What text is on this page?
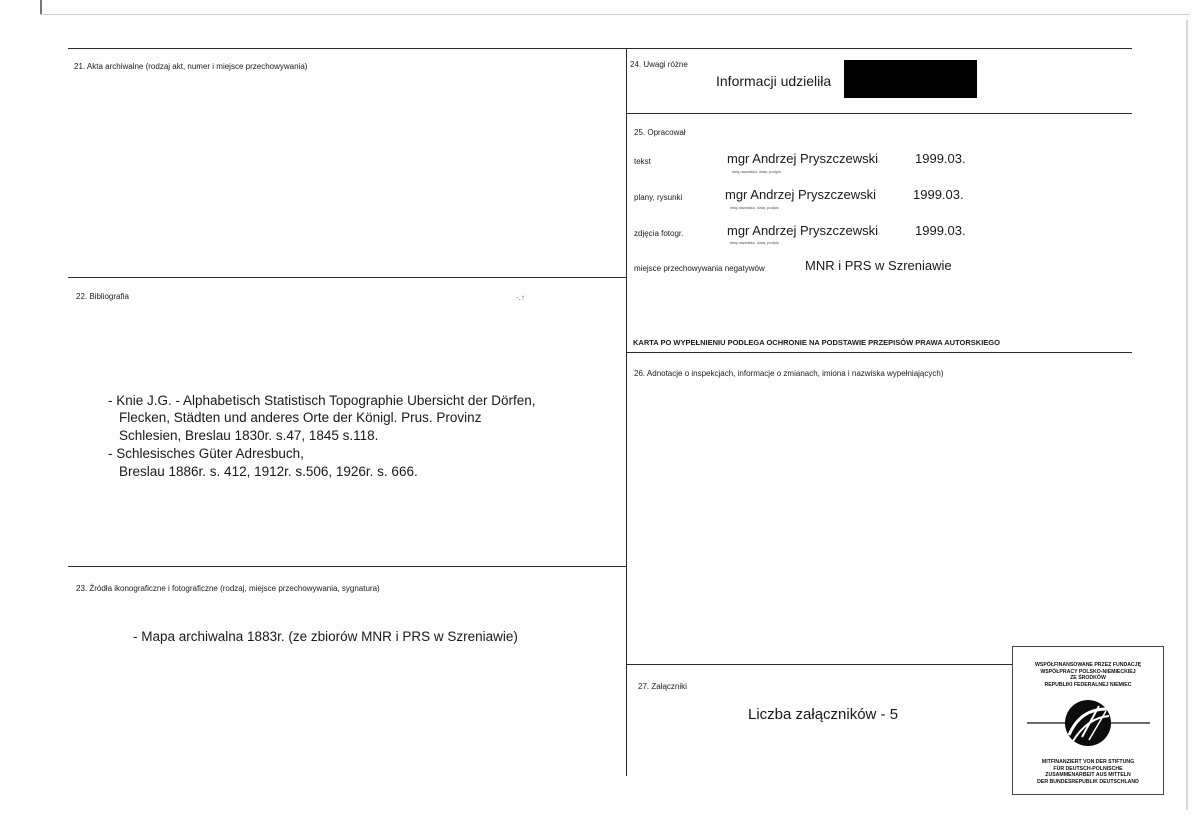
21. Akta archiwalne (rodzaj akt, numer i miejsce przechowywania)
22. Bibliografia	·.↑
- Knie J.G. - Alphabetisch Statistisch Topographie Ubersicht der Dörfen,
Flecken, Städten und anderes Orte der Königl. Prus. Provinz
Schlesien, Breslau 1830r. s.47, 1845 s.118.
- Schlesisches Güter Adresbuch,
Breslau 1886r. s. 412, 1912r. s.506, 1926r. s. 666.
23. Źródła ikonograficzne i fotograficzne (rodzaj, miejsce przechowywania, sygnatura)
- Mapa archiwalna 1883r. (ze zbiorów MNR i PRS w Szreniawie)
24. Uwagi różne
Informacji udzieliła
25. Opracował
tekst	mgr Andrzej Pryszczewski	1999.03.
imię,nazwisko, data, podpis
plany, rysunki	mgr Andrzej Pryszczewski	1999.03.
imię,nazwisko, data, podpis
zdjęcia fotogr.	mgr Andrzej Pryszczewski	1999.03.
imię,nazwisko, data, podpis
miejsce przechowywania negatywów	MNR i PRS w Szreniawie
KARTA PO WYPEŁNIENIU PODLEGA OCHRONIE NA PODSTAWIE PRZEPISÓW PRAWA AUTORSKIEGO
26. Adnotacje o inspekcjach, informacje o zmianach, imiona i nazwiska wypełniających)
27. Załączniki
Liczba załączników - 5
WSPÓŁFINANSOWANE PRZEZ FUNDACJĘ
WSPÓŁPRACY POLSKO-NIEMIECKIEJ
ZE ŚRODKÓW
REPUBLIKI FEDERALNEJ NIEMIEC
MITFINANZIERT VON DER STIFTUNG
FÜR DEUTSCH-POLNISCHE
ZUSAMMENARBEIT AUS MITTELN
DER BUNDESREPUBLIK DEUTSCHLAND
